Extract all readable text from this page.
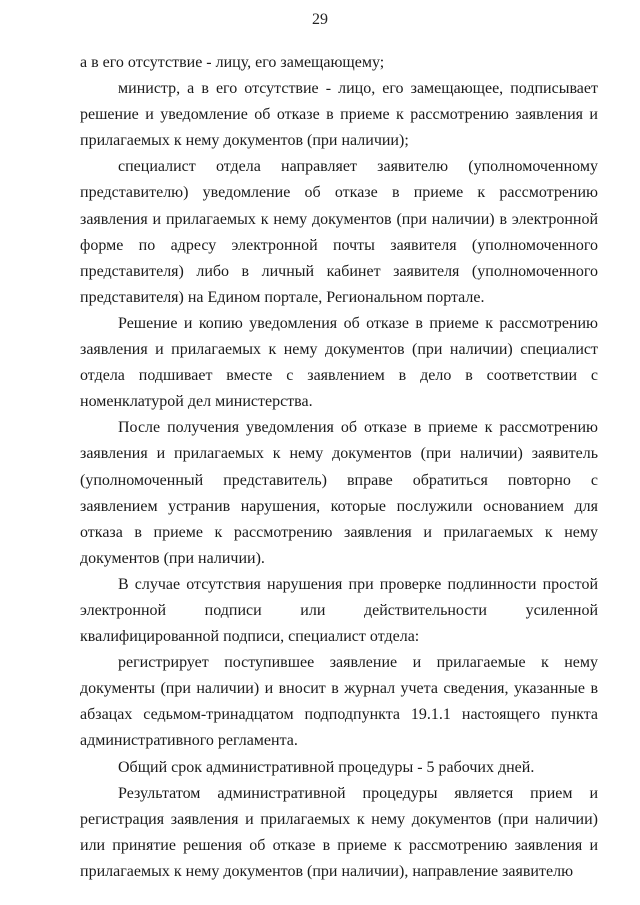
29

а в его отсутствие - лицу, его замещающему;

министр, а в его отсутствие - лицо, его замещающее, подписывает решение и уведомление об отказе в приеме к рассмотрению заявления и прилагаемых к нему документов (при наличии);

специалист отдела направляет заявителю (уполномоченному представителю) уведомление об отказе в приеме к рассмотрению заявления и прилагаемых к нему документов (при наличии) в электронной форме по адресу электронной почты заявителя (уполномоченного представителя) либо в личный кабинет заявителя (уполномоченного представителя) на Едином портале, Региональном портале.

Решение и копию уведомления об отказе в приеме к рассмотрению заявления и прилагаемых к нему документов (при наличии) специалист отдела подшивает вместе с заявлением в дело в соответствии с номенклатурой дел министерства.

После получения уведомления об отказе в приеме к рассмотрению заявления и прилагаемых к нему документов (при наличии) заявитель (уполномоченный представитель) вправе обратиться повторно с заявлением устранив нарушения, которые послужили основанием для отказа в приеме к рассмотрению заявления и прилагаемых к нему документов (при наличии).

В случае отсутствия нарушения при проверке подлинности простой электронной подписи или действительности усиленной квалифицированной подписи, специалист отдела:

регистрирует поступившее заявление и прилагаемые к нему документы (при наличии) и вносит в журнал учета сведения, указанные в абзацах седьмом-тринадцатом подподпункта 19.1.1 настоящего пункта административного регламента.

Общий срок административной процедуры - 5 рабочих дней.

Результатом административной процедуры является прием и регистрация заявления и прилагаемых к нему документов (при наличии) или принятие решения об отказе в приеме к рассмотрению заявления и прилагаемых к нему документов (при наличии), направление заявителю
